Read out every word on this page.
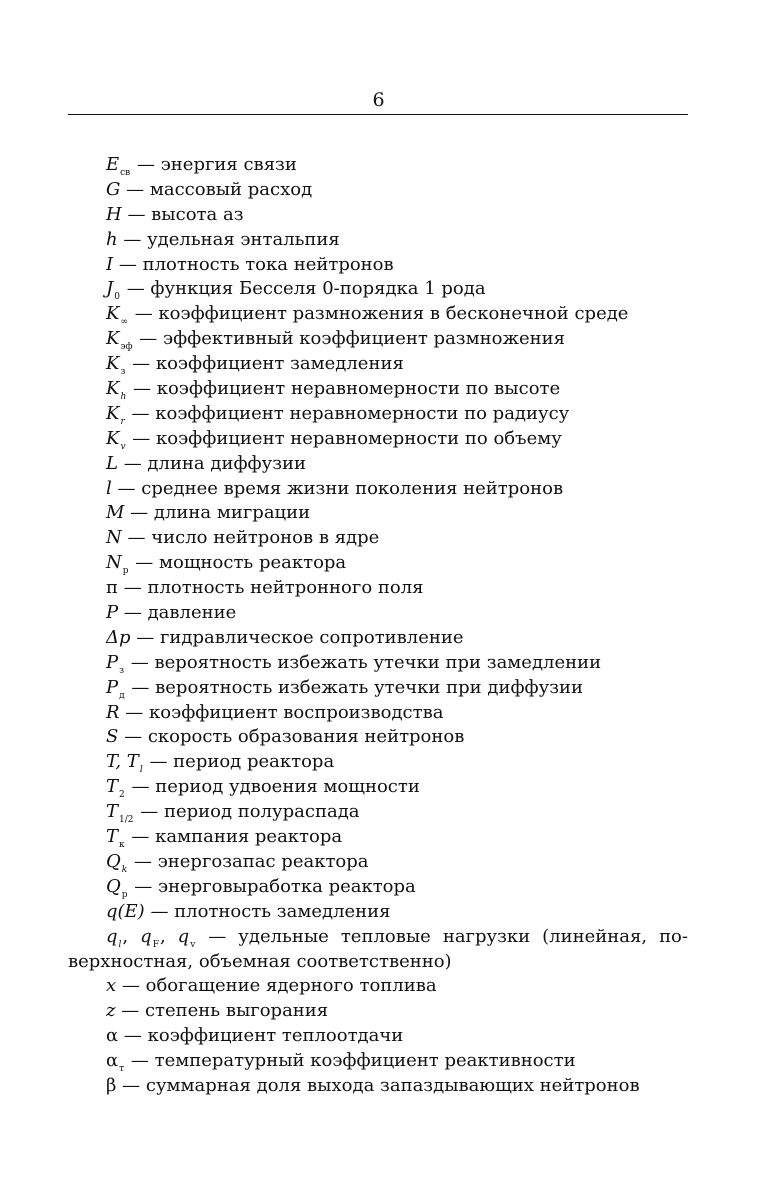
6
$E_{св}$ — энергия связи
G — массовый расход
H — высота аз
h — удельная энтальпия
I — плотность тока нейтронов
$J_0$ — функция Бесселя 0-порядка 1 рода
$K_\infty$ — коэффициент размножения в бесконечной среде
$K_{эф}$ — эффективный коэффициент размножения
$K_з$ — коэффициент замедления
$K_h$ — коэффициент неравномерности по высоте
$K_r$ — коэффициент неравномерности по радиусу
$K_v$ — коэффициент неравномерности по объему
L — длина диффузии
l — среднее время жизни поколения нейтронов
M — длина миграции
N — число нейтронов в ядре
$N_р$ — мощность реактора
п — плотность нейтронного поля
P — давление
Δp — гидравлическое сопротивление
$P_з$ — вероятность избежать утечки при замедлении
$P_д$ — вероятность избежать утечки при диффузии
R — коэффициент воспроизводства
S — скорость образования нейтронов
T, $T_l$ — период реактора
$T_2$ — период удвоения мощности
$T_{1/2}$ — период полураспада
$T_к$ — кампания реактора
$Q_k$ — энергозапас реактора
$Q_р$ — энерговыработка реактора
q(E) — плотность замедления
$q_l$, $q_F$, $q_v$ — удельные тепловые нагрузки (линейная, по-
верхностная, объемная соответственно)
x — обогащение ядерного топлива
z — степень выгорания
α — коэффициент теплоотдачи
$\alpha_т$ — температурный коэффициент реактивности
β — суммарная доля выхода запаздывающих нейтронов
